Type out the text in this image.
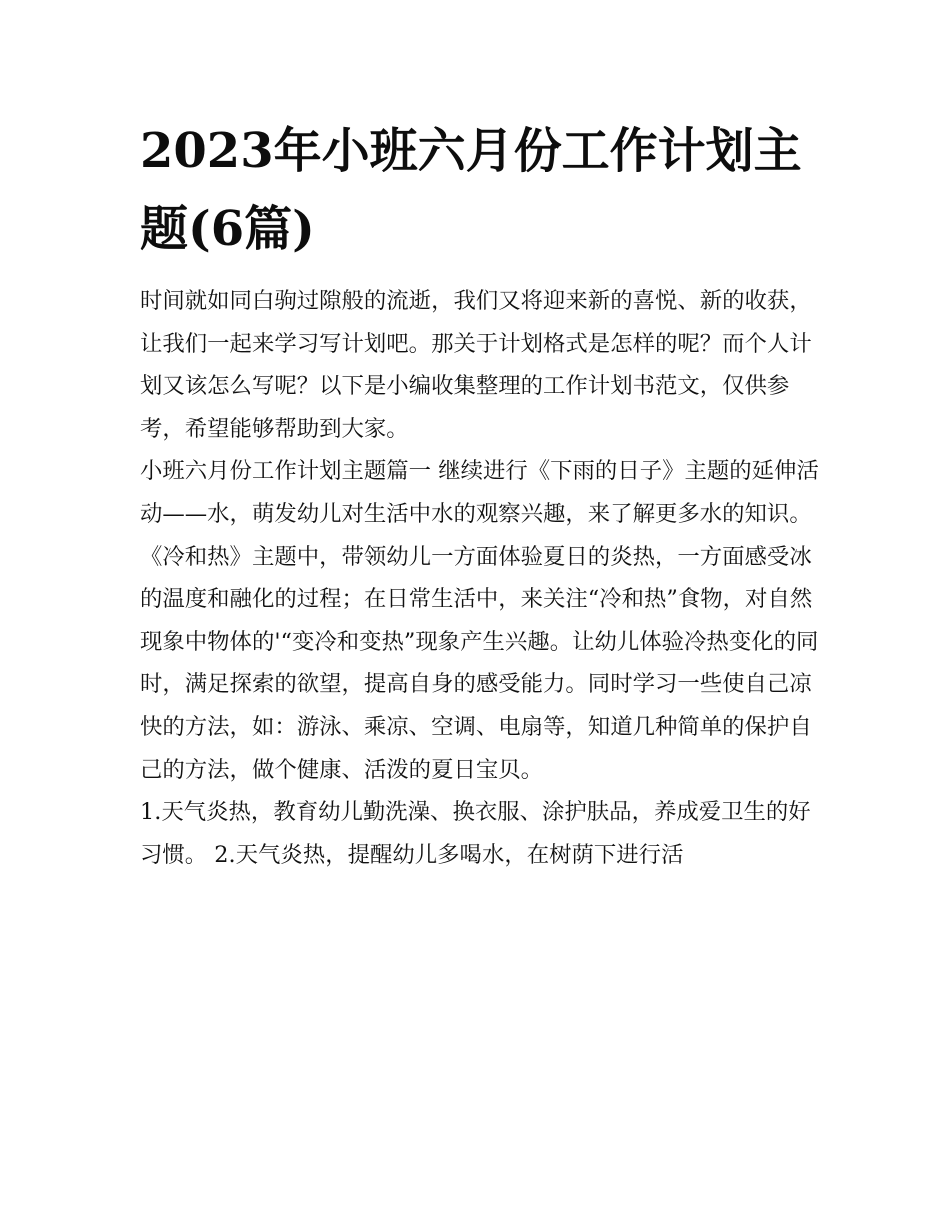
2023年小班六月份工作计划主题(6篇)

时间就如同白驹过隙般的流逝，我们又将迎来新的喜悦、新的收获，让我们一起来学习写计划吧。那关于计划格式是怎样的呢？而个人计划又该怎么写呢？以下是小编收集整理的工作计划书范文，仅供参考，希望能够帮助到大家。

小班六月份工作计划主题篇一 继续进行《下雨的日子》主题的延伸活动——水，萌发幼儿对生活中水的观察兴趣，来了解更多水的知识。

《冷和热》主题中，带领幼儿一方面体验夏日的炎热，一方面感受冰的温度和融化的过程；在日常生活中，来关注“冷和热”食物，对自然现象中物体的'“变冷和变热”现象产生兴趣。让幼儿体验冷热变化的同时，满足探索的欲望，提高自身的感受能力。同时学习一些使自己凉快的方法，如：游泳、乘凉、空调、电扇等，知道几种简单的保护自己的方法，做个健康、活泼的夏日宝贝。

1.天气炎热，教育幼儿勤洗澡、换衣服、涂护肤品，养成爱卫生的好习惯。 2.天气炎热，提醒幼儿多喝水，在树荫下进行活
